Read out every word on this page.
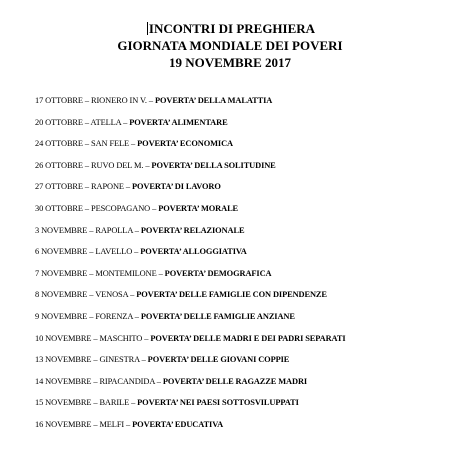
INCONTRI DI PREGHIERA
GIORNATA MONDIALE DEI POVERI
19 NOVEMBRE 2017
17 OTTOBRE – RIONERO IN V. – POVERTA’ DELLA MALATTIA
20 OTTOBRE – ATELLA – POVERTA’ ALIMENTARE
24 OTTOBRE – SAN FELE – POVERTA’ ECONOMICA
26 OTTOBRE – RUVO DEL M. – POVERTA’ DELLA SOLITUDINE
27 OTTOBRE – RAPONE – POVERTA’ DI LAVORO
30 OTTOBRE – PESCOPAGANO – POVERTA’ MORALE
3 NOVEMBRE – RAPOLLA – POVERTA’ RELAZIONALE
6 NOVEMBRE – LAVELLO – POVERTA’ ALLOGGIATIVA
7 NOVEMBRE – MONTEMILONE – POVERTA’ DEMOGRAFICA
8 NOVEMBRE – VENOSA – POVERTA’ DELLE FAMIGLIE CON DIPENDENZE
9 NOVEMBRE – FORENZA – POVERTA’ DELLE FAMIGLIE ANZIANE
10 NOVEMBRE – MASCHITO – POVERTA’ DELLE MADRI E DEI PADRI SEPARATI
13 NOVEMBRE – GINESTRA – POVERTA’ DELLE GIOVANI COPPIE
14 NOVEMBRE – RIPACANDIDA – POVERTA’ DELLE RAGAZZE MADRI
15 NOVEMBRE – BARILE – POVERTA’ NEI PAESI SOTTOSVILUPPATI
16 NOVEMBRE – MELFI – POVERTA’ EDUCATIVA
